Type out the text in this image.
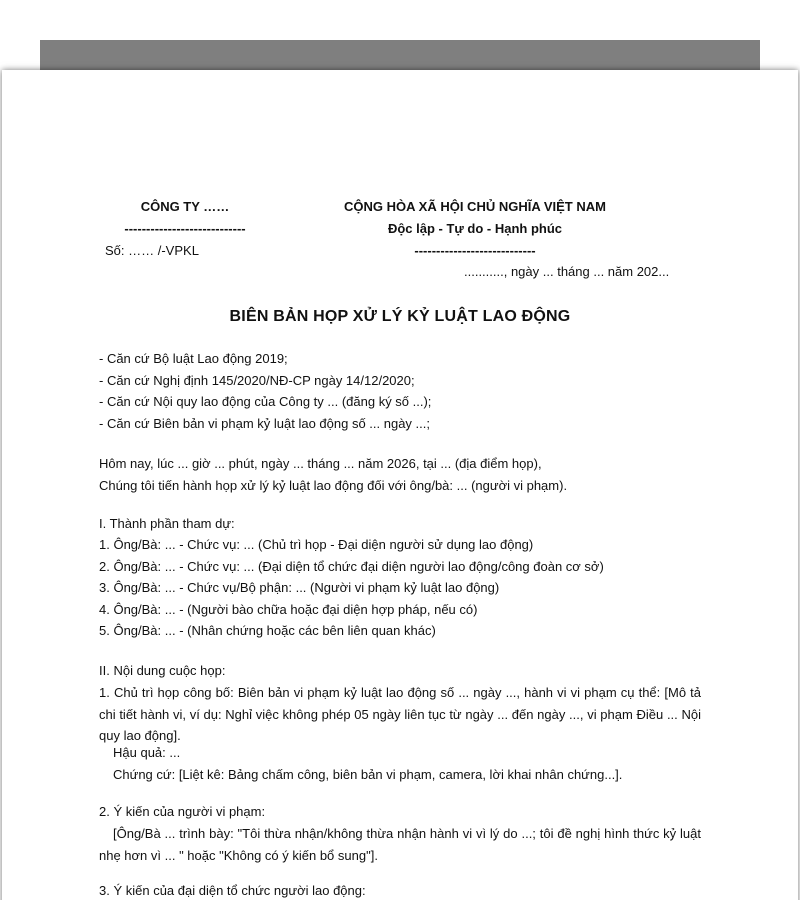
CÔNG TY ……
----------------------------
Số: …… /-VPKL
CỘNG HÒA XÃ HỘI CHỦ NGHĨA VIỆT NAM
Độc lập - Tự do - Hạnh phúc
----------------------------
..........., ngày ... tháng ... năm 202...
BIÊN BẢN HỌP XỬ LÝ KỶ LUẬT LAO ĐỘNG
- Căn cứ Bộ luật Lao động 2019;
- Căn cứ Nghị định 145/2020/NĐ-CP ngày 14/12/2020;
- Căn cứ Nội quy lao động của Công ty ... (đăng ký số ...);
- Căn cứ Biên bản vi phạm kỷ luật lao động số ... ngày ...;
Hôm nay, lúc ... giờ ... phút, ngày ... tháng ... năm 2026, tại ... (địa điểm họp),
Chúng tôi tiến hành họp xử lý kỷ luật lao động đối với ông/bà: ... (người vi phạm).
I. Thành phần tham dự:
1. Ông/Bà: ... - Chức vụ: ... (Chủ trì họp - Đại diện người sử dụng lao động)
2. Ông/Bà: ... - Chức vụ: ... (Đại diện tổ chức đại diện người lao động/công đoàn cơ sở)
3. Ông/Bà: ... - Chức vụ/Bộ phận: ... (Người vi phạm kỷ luật lao động)
4. Ông/Bà: ... - (Người bào chữa hoặc đại diện hợp pháp, nếu có)
5. Ông/Bà: ... - (Nhân chứng hoặc các bên liên quan khác)
II. Nội dung cuộc họp:
1. Chủ trì họp công bố: Biên bản vi phạm kỷ luật lao động số ... ngày ..., hành vi vi phạm cụ thể: [Mô tả chi tiết hành vi, ví dụ: Nghỉ việc không phép 05 ngày liên tục từ ngày ... đến ngày ..., vi phạm Điều ... Nội quy lao động].
Hậu quả: ...
Chứng cứ: [Liệt kê: Bảng chấm công, biên bản vi phạm, camera, lời khai nhân chứng...].
2. Ý kiến của người vi phạm:
[Ông/Bà ... trình bày: "Tôi thừa nhận/không thừa nhận hành vi vì lý do ...; tôi đề nghị hình thức kỷ luật nhẹ hơn vì ... " hoặc "Không có ý kiến bổ sung"].
3. Ý kiến của đại diện tổ chức người lao động:
